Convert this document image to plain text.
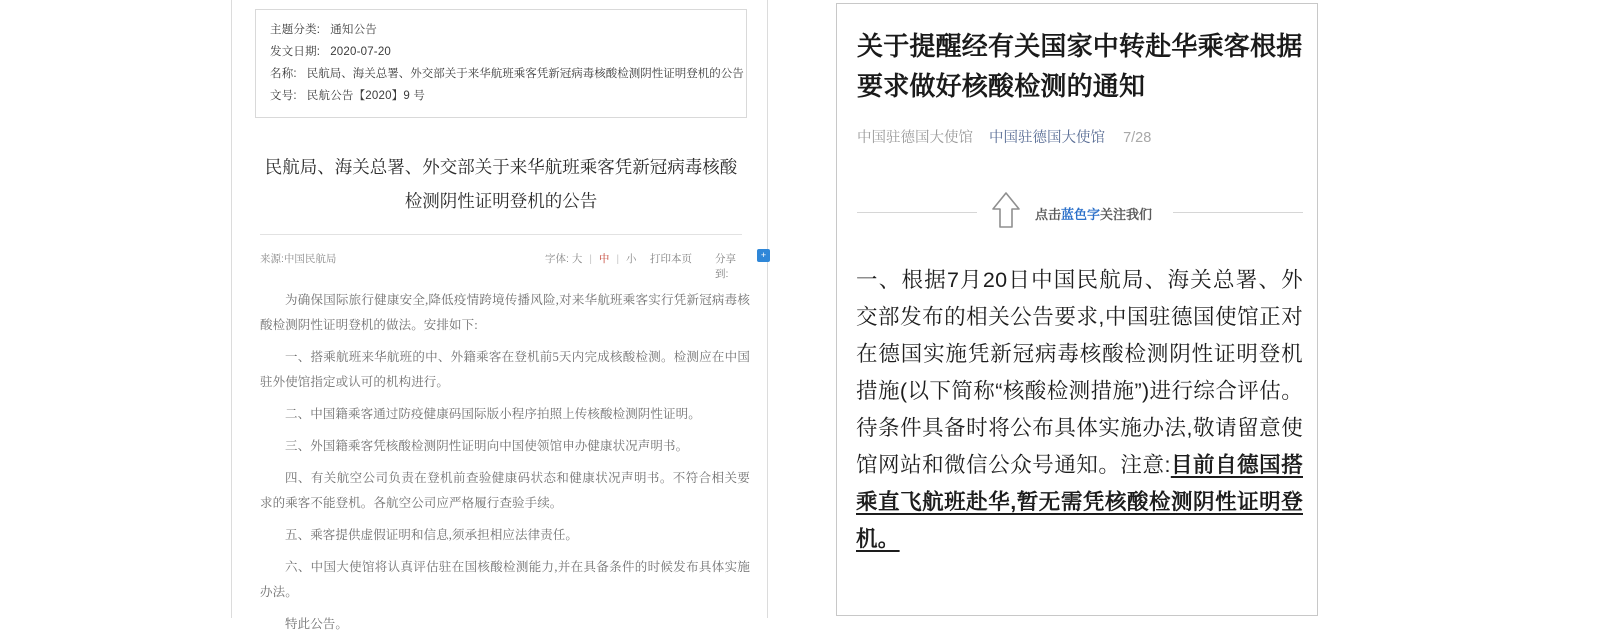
主题分类: 通知公告
发文日期: 2020-07-20
名称: 民航局、海关总署、外交部关于来华航班乘客凭新冠病毒核酸检测阴性证明登机的公告
文号: 民航公告【2020】9 号
民航局、海关总署、外交部关于来华航班乘客凭新冠病毒核酸检测阴性证明登机的公告
来源:中国民航局	字体: 大 | 中 | 小 打印本页 分享到:
+

为确保国际旅行健康安全,降低疫情跨境传播风险,对来华航班乘客实行凭新冠病毒核酸检测阴性证明登机的做法。安排如下:

一、搭乘航班来华航班的中、外籍乘客在登机前5天内完成核酸检测。检测应在中国驻外使馆指定或认可的机构进行。

二、中国籍乘客通过防疫健康码国际版小程序拍照上传核酸检测阴性证明。

三、外国籍乘客凭核酸检测阴性证明向中国使领馆申办健康状况声明书。

四、有关航空公司负责在登机前查验健康码状态和健康状况声明书。不符合相关要求的乘客不能登机。各航空公司应严格履行查验手续。

五、乘客提供虚假证明和信息,须承担相应法律责任。

六、中国大使馆将认真评估驻在国核酸检测能力,并在具备条件的时候发布具体实施办法。

特此公告。

关于提醒经有关国家中转赴华乘客根据要求做好核酸检测的通知
中国驻德国大使馆 中国驻德国大使馆 7/28
点击蓝色字关注我们
一、根据7月20日中国民航局、海关总署、外交部发布的相关公告要求,中国驻德国使馆正对在德国实施凭新冠病毒核酸检测阴性证明登机措施(以下简称“核酸检测措施”)进行综合评估。待条件具备时将公布具体实施办法,敬请留意使馆网站和微信公众号通知。注意:目前自德国搭乘直飞航班赴华,暂无需凭核酸检测阴性证明登机。
